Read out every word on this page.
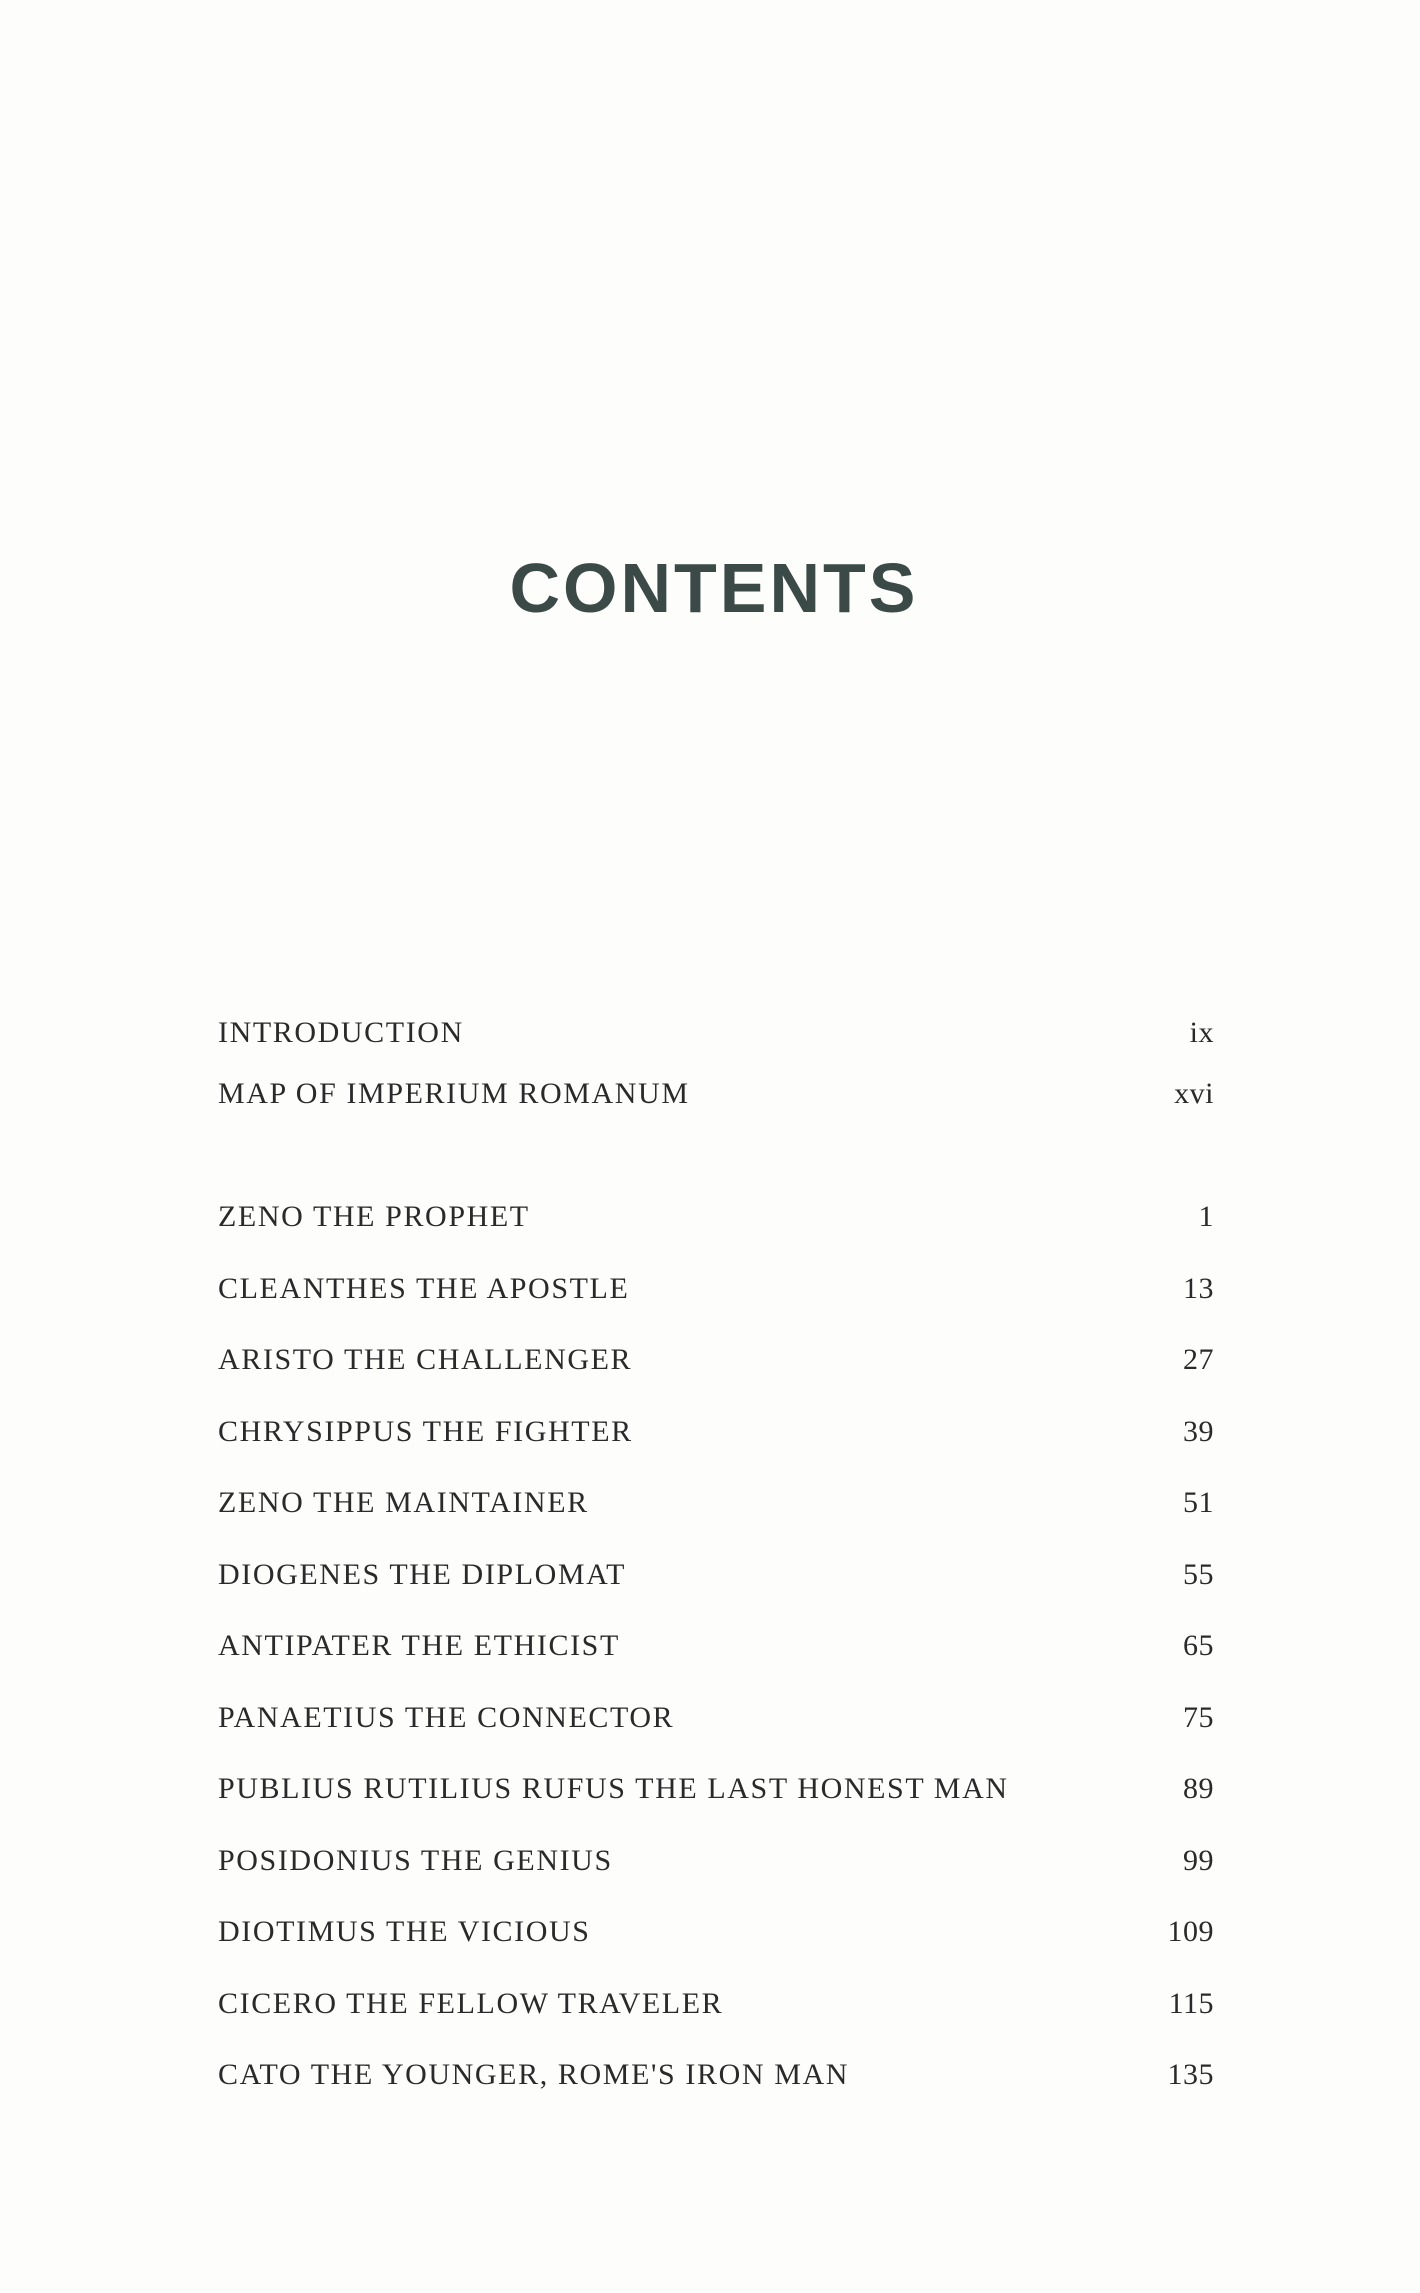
CONTENTS
INTRODUCTION	ix
MAP OF IMPERIUM ROMANUM	xvi
ZENO THE PROPHET	1
CLEANTHES THE APOSTLE	13
ARISTO THE CHALLENGER	27
CHRYSIPPUS THE FIGHTER	39
ZENO THE MAINTAINER	51
DIOGENES THE DIPLOMAT	55
ANTIPATER THE ETHICIST	65
PANAETIUS THE CONNECTOR	75
PUBLIUS RUTILIUS RUFUS THE LAST HONEST MAN	89
POSIDONIUS THE GENIUS	99
DIOTIMUS THE VICIOUS	109
CICERO THE FELLOW TRAVELER	115
CATO THE YOUNGER, ROME'S IRON MAN	135
